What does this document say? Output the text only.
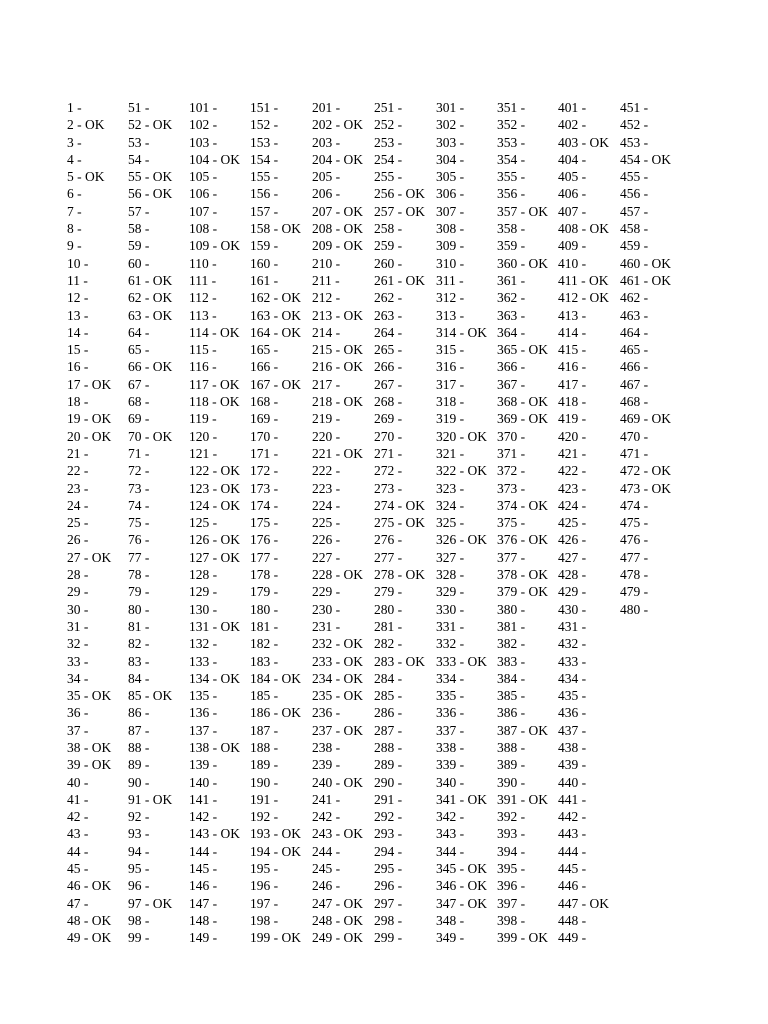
1 -
2 - OK
3 -
4 -
5 - OK
6 -
7 -
8 -
9 -
10 -
11 -
12 -
13 -
14 -
15 -
16 -
17 - OK
18 -
19 - OK
20 - OK
21 -
22 -
23 -
24 -
25 -
26 -
27 - OK
28 -
29 -
30 -
31 -
32 -
33 -
34 -
35 - OK
36 -
37 -
38 - OK
39 - OK
40 -
41 -
42 -
43 -
44 -
45 -
46 - OK
47 -
48 - OK
49 - OK
51 -
52 - OK
53 -
54 -
55 - OK
56 - OK
57 -
58 -
59 -
60 -
61 - OK
62 - OK
63 - OK
64 -
65 -
66 - OK
67 -
68 -
69 -
70 - OK
71 -
72 -
73 -
74 -
75 -
76 -
77 -
78 -
79 -
80 -
81 -
82 -
83 -
84 -
85 - OK
86 -
87 -
88 -
89 -
90 -
91 - OK
92 -
93 -
94 -
95 -
96 -
97 - OK
98 -
99 -
101 -
102 -
103 -
104 - OK
105 -
106 -
107 -
108 -
109 - OK
110 -
111 -
112 -
113 -
114 - OK
115 -
116 -
117 - OK
118 - OK
119 -
120 -
121 -
122 - OK
123 - OK
124 - OK
125 -
126 - OK
127 - OK
128 -
129 -
130 -
131 - OK
132 -
133 -
134 - OK
135 -
136 -
137 -
138 - OK
139 -
140 -
141 -
142 -
143 - OK
144 -
145 -
146 -
147 -
148 -
149 -
151 -
152 -
153 -
154 -
155 -
156 -
157 -
158 - OK
159 -
160 -
161 -
162 - OK
163 - OK
164 - OK
165 -
166 -
167 - OK
168 -
169 -
170 -
171 -
172 -
173 -
174 -
175 -
176 -
177 -
178 -
179 -
180 -
181 -
182 -
183 -
184 - OK
185 -
186 - OK
187 -
188 -
189 -
190 -
191 -
192 -
193 - OK
194 - OK
195 -
196 -
197 -
198 -
199 - OK
201 -
202 - OK
203 -
204 - OK
205 -
206 -
207 - OK
208 - OK
209 - OK
210 -
211 -
212 -
213 - OK
214 -
215 - OK
216 - OK
217 -
218 - OK
219 -
220 -
221 - OK
222 -
223 -
224 -
225 -
226 -
227 -
228 - OK
229 -
230 -
231 -
232 - OK
233 - OK
234 - OK
235 - OK
236 -
237 - OK
238 -
239 -
240 - OK
241 -
242 -
243 - OK
244 -
245 -
246 -
247 - OK
248 - OK
249 - OK
251 -
252 -
253 -
254 -
255 -
256 - OK
257 - OK
258 -
259 -
260 -
261 - OK
262 -
263 -
264 -
265 -
266 -
267 -
268 -
269 -
270 -
271 -
272 -
273 -
274 - OK
275 - OK
276 -
277 -
278 - OK
279 -
280 -
281 -
282 -
283 - OK
284 -
285 -
286 -
287 -
288 -
289 -
290 -
291 -
292 -
293 -
294 -
295 -
296 -
297 -
298 -
299 -
301 -
302 -
303 -
304 -
305 -
306 -
307 -
308 -
309 -
310 -
311 -
312 -
313 -
314 - OK
315 -
316 -
317 -
318 -
319 -
320 - OK
321 -
322 - OK
323 -
324 -
325 -
326 - OK
327 -
328 -
329 -
330 -
331 -
332 -
333 - OK
334 -
335 -
336 -
337 -
338 -
339 -
340 -
341 - OK
342 -
343 -
344 -
345 - OK
346 - OK
347 - OK
348 -
349 -
351 -
352 -
353 -
354 -
355 -
356 -
357 - OK
358 -
359 -
360 - OK
361 -
362 -
363 -
364 -
365 - OK
366 -
367 -
368 - OK
369 - OK
370 -
371 -
372 -
373 -
374 - OK
375 -
376 - OK
377 -
378 - OK
379 - OK
380 -
381 -
382 -
383 -
384 -
385 -
386 -
387 - OK
388 -
389 -
390 -
391 - OK
392 -
393 -
394 -
395 -
396 -
397 -
398 -
399 - OK
401 -
402 -
403 - OK
404 -
405 -
406 -
407 -
408 - OK
409 -
410 -
411 - OK
412 - OK
413 -
414 -
415 -
416 -
417 -
418 -
419 -
420 -
421 -
422 -
423 -
424 -
425 -
426 -
427 -
428 -
429 -
430 -
431 -
432 -
433 -
434 -
435 -
436 -
437 -
438 -
439 -
440 -
441 -
442 -
443 -
444 -
445 -
446 -
447 - OK
448 -
449 -
451 -
452 -
453 -
454 - OK
455 -
456 -
457 -
458 -
459 -
460 - OK
461 - OK
462 -
463 -
464 -
465 -
466 -
467 -
468 -
469 - OK
470 -
471 -
472 - OK
473 - OK
474 -
475 -
476 -
477 -
478 -
479 -
480 -
